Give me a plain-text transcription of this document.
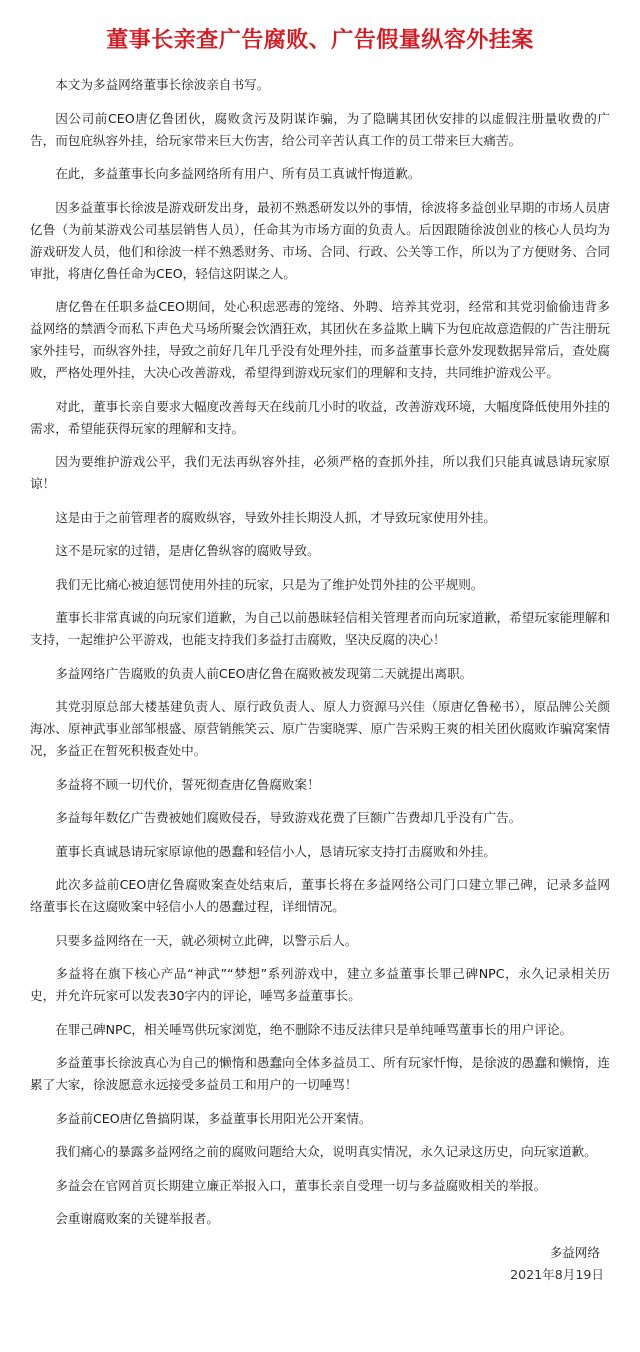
董事长亲查广告腐败、广告假量纵容外挂案

本文为多益网络董事长徐波亲自书写。

因公司前CEO唐亿鲁团伙，腐败贪污及阴谋诈骗，为了隐瞒其团伙安排的以虚假注册量收费的广告，而包庇纵容外挂，给玩家带来巨大伤害，给公司辛苦认真工作的员工带来巨大痛苦。

在此，多益董事长向多益网络所有用户、所有员工真诚忏悔道歉。

因多益董事长徐波是游戏研发出身，最初不熟悉研发以外的事情，徐波将多益创业早期的市场人员唐亿鲁（为前某游戏公司基层销售人员），任命其为市场方面的负责人。后因跟随徐波创业的核心人员均为游戏研发人员，他们和徐波一样不熟悉财务、市场、合同、行政、公关等工作，所以为了方便财务、合同审批，将唐亿鲁任命为CEO，轻信这阴谋之人。

唐亿鲁在任职多益CEO期间，处心积虑恶毒的笼络、外聘、培养其党羽，经常和其党羽偷偷违背多益网络的禁酒令而私下声色犬马场所聚会饮酒狂欢，其团伙在多益欺上瞒下为包庇故意造假的广告注册玩家外挂号，而纵容外挂，导致之前好几年几乎没有处理外挂，而多益董事长意外发现数据异常后，查处腐败，严格处理外挂，大决心改善游戏，希望得到游戏玩家们的理解和支持，共同维护游戏公平。

对此，董事长亲自要求大幅度改善每天在线前几小时的收益，改善游戏环境，大幅度降低使用外挂的需求，希望能获得玩家的理解和支持。

因为要维护游戏公平，我们无法再纵容外挂，必须严格的查抓外挂，所以我们只能真诚恳请玩家原谅！

这是由于之前管理者的腐败纵容，导致外挂长期没人抓，才导致玩家使用外挂。

这不是玩家的过错，是唐亿鲁纵容的腐败导致。

我们无比痛心被迫惩罚使用外挂的玩家，只是为了维护处罚外挂的公平规则。

董事长非常真诚的向玩家们道歉，为自己以前愚昧轻信相关管理者而向玩家道歉，希望玩家能理解和支持，一起维护公平游戏，也能支持我们多益打击腐败，坚决反腐的决心！

多益网络广告腐败的负责人前CEO唐亿鲁在腐败被发现第二天就提出离职。

其党羽原总部大楼基建负责人、原行政负责人、原人力资源马兴佳（原唐亿鲁秘书），原品牌公关颜海冰、原神武事业部邹根盛、原营销熊笑云、原广告窦晓霁、原广告采购王爽的相关团伙腐败诈骗窝案情况，多益正在暂死积极查处中。

多益将不顾一切代价，誓死彻查唐亿鲁腐败案！

多益每年数亿广告费被她们腐败侵吞，导致游戏花费了巨额广告费却几乎没有广告。

董事长真诚恳请玩家原谅他的愚蠢和轻信小人，恳请玩家支持打击腐败和外挂。

此次多益前CEO唐亿鲁腐败案查处结束后，董事长将在多益网络公司门口建立罪己碑，记录多益网络董事长在这腐败案中轻信小人的愚蠢过程，详细情况。

只要多益网络在一天，就必须树立此碑，以警示后人。

多益将在旗下核心产品“神武”“梦想”系列游戏中，建立多益董事长罪己碑NPC，永久记录相关历史，并允许玩家可以发表30字内的评论，唾骂多益董事长。

在罪己碑NPC，相关唾骂供玩家浏览，绝不删除不违反法律只是单纯唾骂董事长的用户评论。

多益董事长徐波真心为自己的懒惰和愚蠢向全体多益员工、所有玩家忏悔，是徐波的愚蠢和懒惰，连累了大家，徐波愿意永远接受多益员工和用户的一切唾骂！

多益前CEO唐亿鲁搞阴谋，多益董事长用阳光公开案情。

我们痛心的暴露多益网络之前的腐败问题给大众，说明真实情况，永久记录这历史，向玩家道歉。

多益会在官网首页长期建立廉正举报入口，董事长亲自受理一切与多益腐败相关的举报。

会重谢腐败案的关键举报者。

多益网络
2021年8月19日
